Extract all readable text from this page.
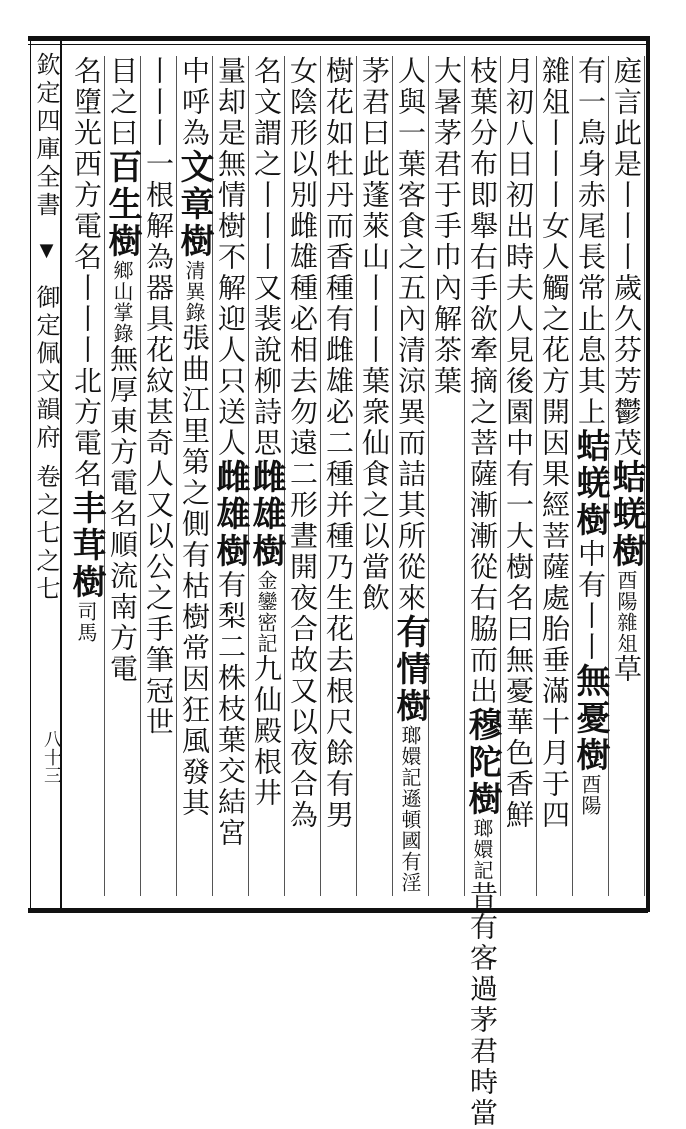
欽定四庫全書 ▼ 御定佩文韻府 卷之七之七
八十三
庭言此是丨丨丨歲久芬芳鬱茂蛣蜣樹酉陽雜俎草
有一鳥身赤尾長常止息其上蛣蜣樹中有丨丨無憂樹酉陽
雜俎丨丨丨女人觸之花方開因果經菩薩處胎垂滿十月于四
月初八日初出時夫人見後園中有一大樹名曰無憂華色香鮮
枝葉分布即舉右手欲牽摘之菩薩漸漸從右脇而出穆陀樹瑯嬛記昔有客過茅君時當
大暑茅君于手巾內解茶葉
人與一葉客食之五內清涼異而詰其所從來有情樹瑯嬛記遜頓國有淫
茅君曰此蓬萊山丨丨丨葉衆仙食之以當飲
樹花如牡丹而香種有雌雄必二種并種乃生花去根尺餘有男
女陰形以別雌雄種必相去勿遠二形晝開夜合故又以夜合為
名文謂之丨丨丨又裴說柳詩思雌雄樹金鑾密記九仙殿根井
量却是無情樹不解迎人只送人雌雄樹有梨二株枝葉交結宮
中呼為文章樹清異錄張曲江里第之側有枯樹常因狂風發其
丨丨丨一根解為器具花紋甚奇人又以公之手筆冠世
目之曰百生樹鄉山掌錄無厚東方電名順流南方電
名墮光西方電名丨丨丨北方電名丰茸樹司馬
